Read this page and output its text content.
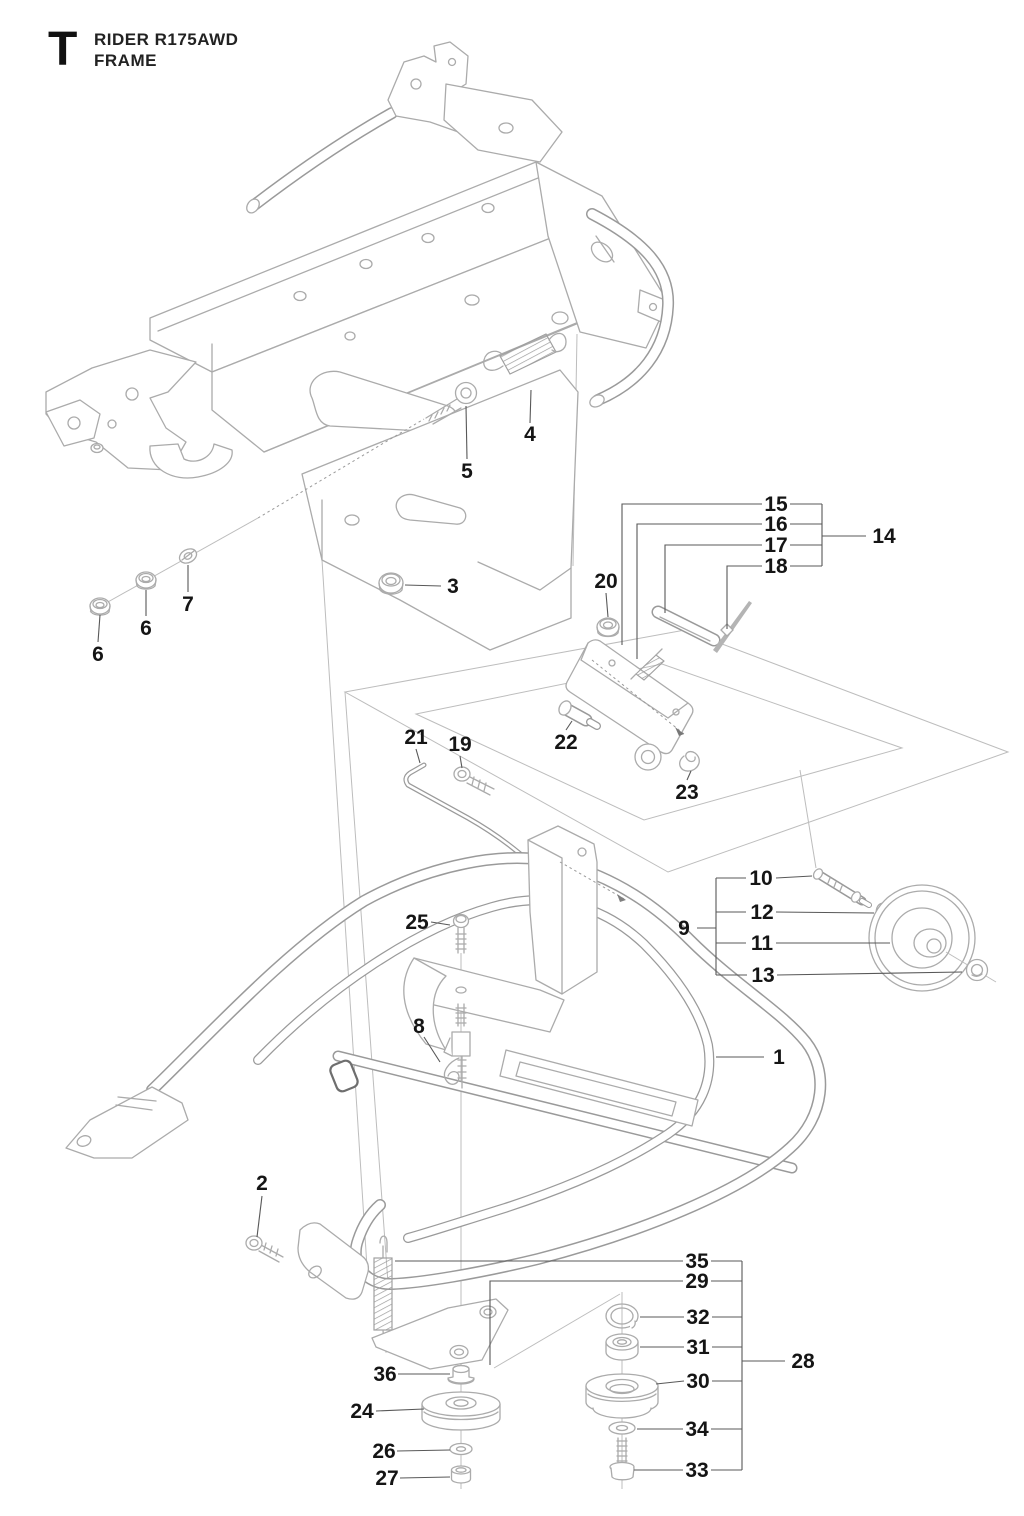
T RIDER R175AWD
FRAME
4
5
3
6
6
7
14
15
16
17
18
20
21 19	22
23
9
10
12
11
13
25
8
1
2
35
29
32
31
30
34
33
28
36
24
26
27
